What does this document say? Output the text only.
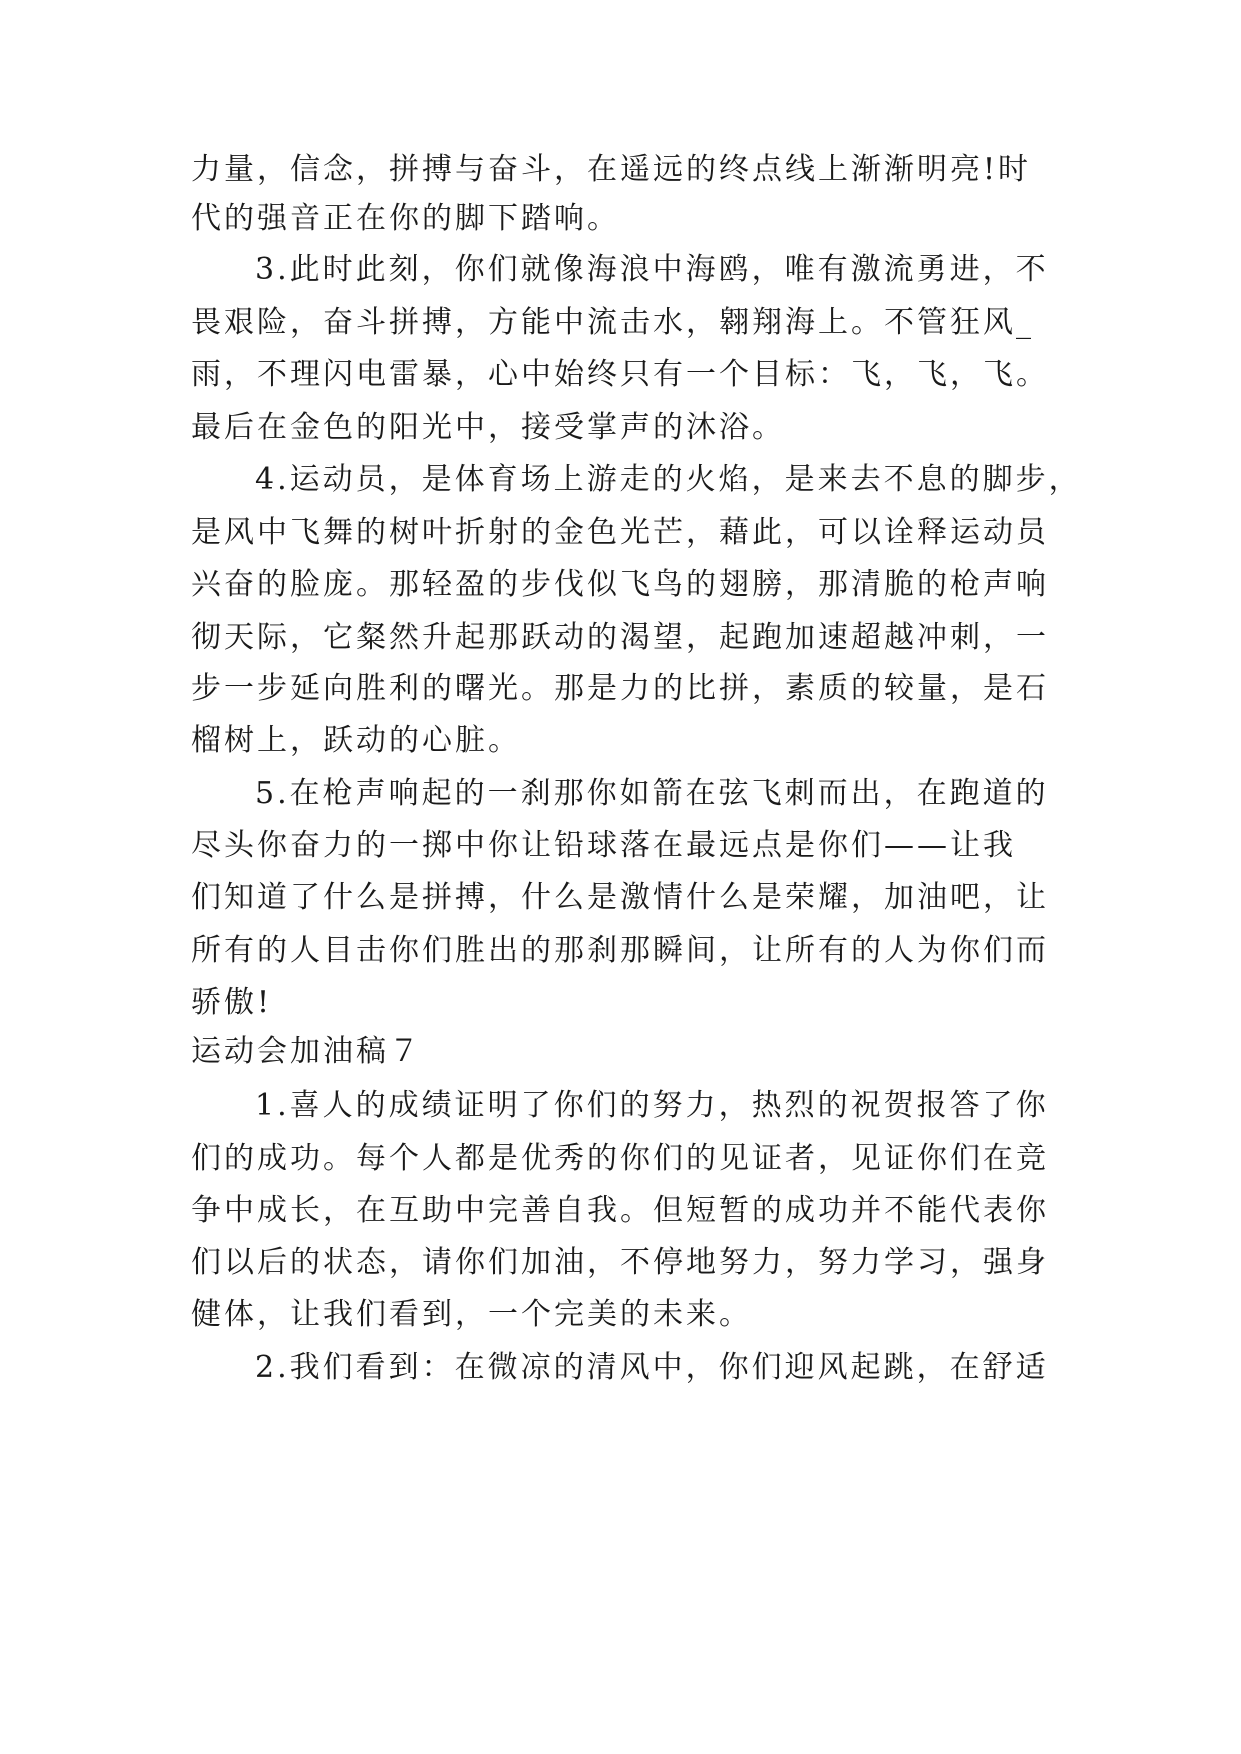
力量，信念，拼搏与奋斗，在遥远的终点线上渐渐明亮!时

代的强音正在你的脚下踏响。

3.此时此刻，你们就像海浪中海鸥，唯有激流勇进，不

畏艰险，奋斗拼搏，方能中流击水，翱翔海上。不管狂风_

雨，不理闪电雷暴，心中始终只有一个目标：飞，飞，飞。

最后在金色的阳光中，接受掌声的沐浴。

4.运动员，是体育场上游走的火焰，是来去不息的脚步，

是风中飞舞的树叶折射的金色光芒，藉此，可以诠释运动员

兴奋的脸庞。那轻盈的步伐似飞鸟的翅膀，那清脆的枪声响

彻天际，它粲然升起那跃动的渴望，起跑加速超越冲刺，一

步一步延向胜利的曙光。那是力的比拼，素质的较量，是石

榴树上，跃动的心脏。

5.在枪声响起的一刹那你如箭在弦飞刺而出，在跑道的

尽头你奋力的一掷中你让铅球落在最远点是你们——让我

们知道了什么是拼搏，什么是激情什么是荣耀，加油吧，让

所有的人目击你们胜出的那刹那瞬间，让所有的人为你们而

骄傲!

运动会加油稿７

1.喜人的成绩证明了你们的努力，热烈的祝贺报答了你

们的成功。每个人都是优秀的你们的见证者，见证你们在竞

争中成长，在互助中完善自我。但短暂的成功并不能代表你

们以后的状态，请你们加油，不停地努力，努力学习，强身

健体，让我们看到，一个完美的未来。

2.我们看到：在微凉的清风中，你们迎风起跳，在舒适
